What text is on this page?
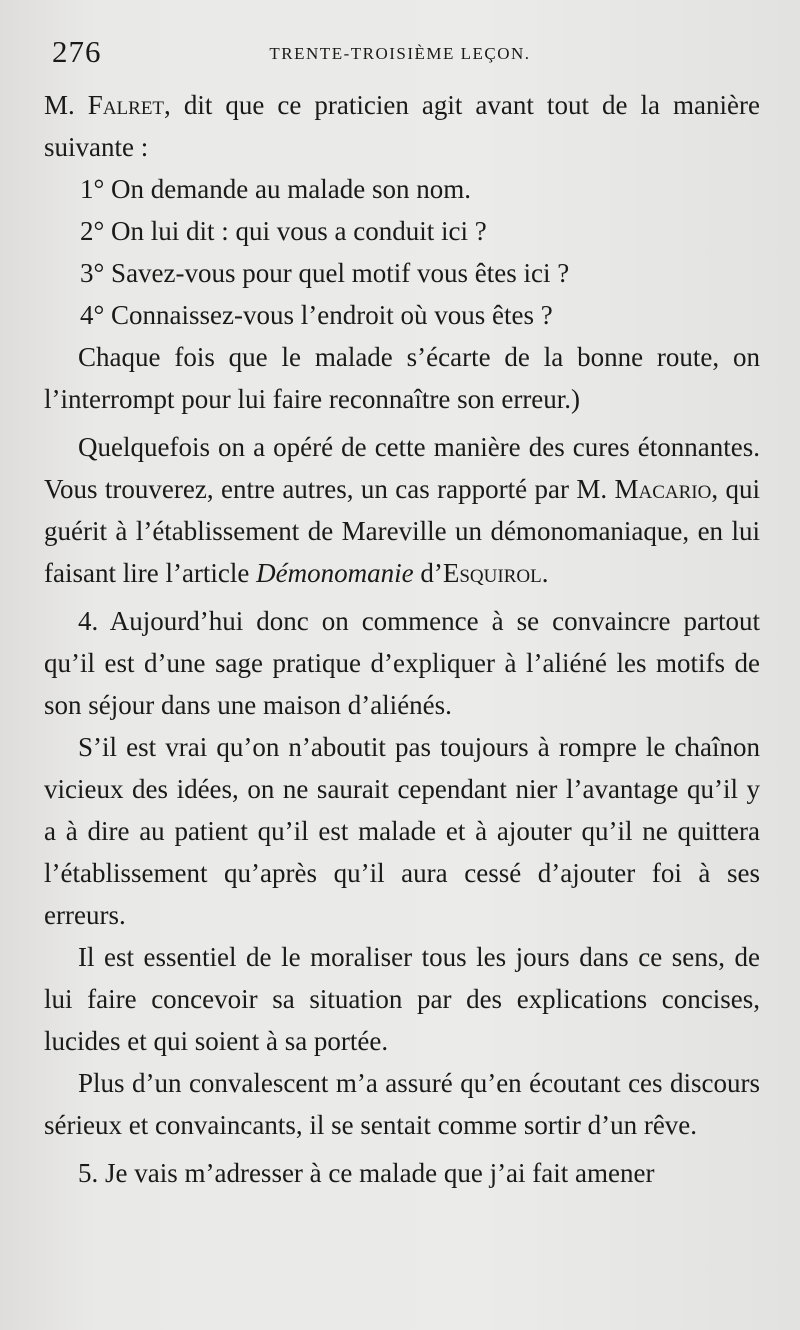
276	TRENTE-TROISIÈME LEÇON.

M. Falret, dit que ce praticien agit avant tout de la manière suivante :

1° On demande au malade son nom.

2° On lui dit : qui vous a conduit ici ?

3° Savez-vous pour quel motif vous êtes ici ?

4° Connaissez-vous l’endroit où vous êtes ?

Chaque fois que le malade s’écarte de la bonne route, on l’interrompt pour lui faire reconnaître son erreur.)

Quelquefois on a opéré de cette manière des cures étonnantes. Vous trouverez, entre autres, un cas rapporté par M. Macario, qui guérit à l’établissement de Mareville un démonomaniaque, en lui faisant lire l’article Démonomanie d’Esquirol.

4. Aujourd’hui donc on commence à se convaincre partout qu’il est d’une sage pratique d’expliquer à l’aliéné les motifs de son séjour dans une maison d’aliénés.

S’il est vrai qu’on n’aboutit pas toujours à rompre le chaînon vicieux des idées, on ne saurait cependant nier l’avantage qu’il y a à dire au patient qu’il est malade et à ajouter qu’il ne quittera l’établissement qu’après qu’il aura cessé d’ajouter foi à ses erreurs.

Il est essentiel de le moraliser tous les jours dans ce sens, de lui faire concevoir sa situation par des explications concises, lucides et qui soient à sa portée.

Plus d’un convalescent m’a assuré qu’en écoutant ces discours sérieux et convaincants, il se sentait comme sortir d’un rêve.

5. Je vais m’adresser à ce malade que j’ai fait amener
